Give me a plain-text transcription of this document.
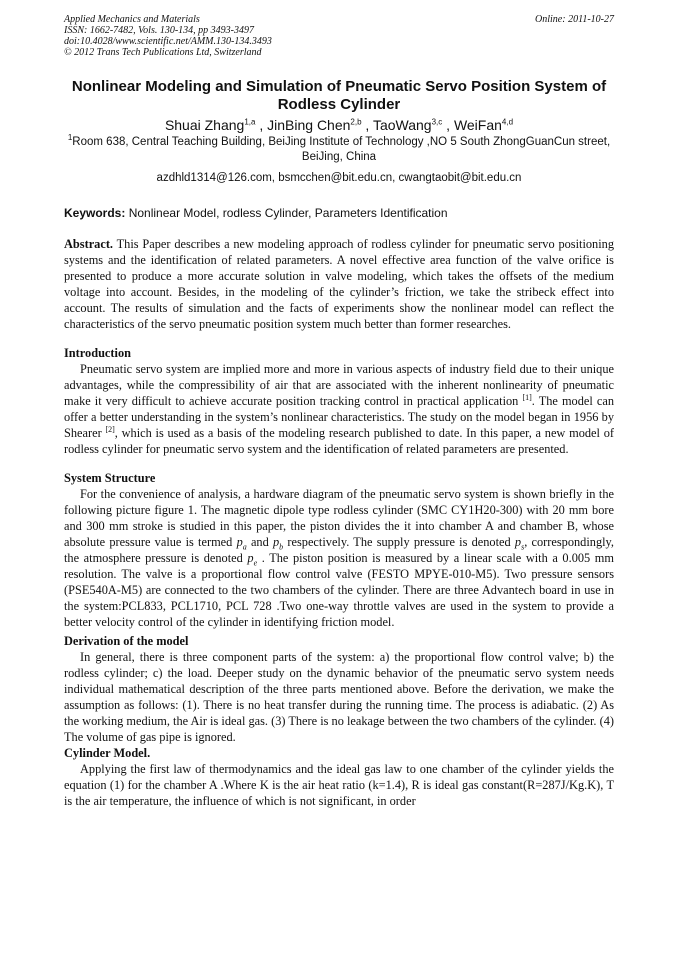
Applied Mechanics and Materials
ISSN: 1662-7482, Vols. 130-134, pp 3493-3497
doi:10.4028/www.scientific.net/AMM.130-134.3493
© 2012 Trans Tech Publications Ltd, Switzerland
Online: 2011-10-27
Nonlinear Modeling and Simulation of Pneumatic Servo Position System of Rodless Cylinder
Shuai Zhang$^{1,a}$ , JinBing Chen$^{2,b}$ , TaoWang$^{3,c}$ , WeiFan$^{4,d}$
$^1$Room 638, Central Teaching Building, BeiJing Institute of Technology ,NO 5 South ZhongGuanCun street, BeiJing, China
azdhld1314@126.com, bsmcchen@bit.edu.cn, cwangtaobit@bit.edu.cn
Keywords: Nonlinear Model, rodless Cylinder, Parameters Identification

Abstract. This Paper describes a new modeling approach of rodless cylinder for pneumatic servo positioning systems and the identification of related parameters. A novel effective area function of the valve orifice is presented to produce a more accurate solution in valve modeling, which takes the offsets of the medium voltage into account. Besides, in the modeling of the cylinder’s friction, we take the stribeck effect into account. The results of simulation and the facts of experiments show the nonlinear model can reflect the characteristics of the servo pneumatic position system much better than former researches.

Introduction

Pneumatic servo system are implied more and more in various aspects of industry field due to their unique advantages, while the compressibility of air that are associated with the inherent nonlinearity of pneumatic make it very difficult to achieve accurate position tracking control in practical application [1]. The model can offer a better understanding in the system’s nonlinear characteristics. The study on the model began in 1956 by Shearer [2], which is used as a basis of the modeling research published to date. In this paper, a new model of rodless cylinder for pneumatic servo system and the identification of related parameters are presented.

System Structure

For the convenience of analysis, a hardware diagram of the pneumatic servo system is shown briefly in the following picture figure 1. The magnetic dipole type rodless cylinder (SMC CY1H20-300) with 20 mm bore and 300 mm stroke is studied in this paper, the piston divides the it into chamber A and chamber B, whose absolute pressure value is termed $p_a$ and $p_b$ respectively. The supply pressure is denoted $p_s$, correspondingly, the atmosphere pressure is denoted $p_e$ . The piston position is measured by a linear scale with a 0.005 mm resolution. The valve is a proportional flow control valve (FESTO MPYE-010-M5). Two pressure sensors (PSE540A-M5) are connected to the two chambers of the cylinder. There are three Advantech board in use in the system:PCL833, PCL1710, PCL 728 .Two one-way throttle valves are used in the system to provide a better velocity control of the cylinder in identifying friction model.

Derivation of the model

In general, there is three component parts of the system: a) the proportional flow control valve; b) the rodless cylinder; c) the load. Deeper study on the dynamic behavior of the pneumatic servo system needs individual mathematical description of the three parts mentioned above. Before the derivation, we make the assumption as follows: (1). There is no heat transfer during the running time. The process is adiabatic. (2) As the working medium, the Air is ideal gas. (3) There is no leakage between the two chambers of the cylinder. (4) The volume of gas pipe is ignored.

Cylinder Model.

Applying the first law of thermodynamics and the ideal gas law to one chamber of the cylinder yields the equation (1) for the chamber A .Where K is the air heat ratio (k=1.4), R is ideal gas constant(R=287J/Kg.K), T is the air temperature, the influence of which is not significant, in order
